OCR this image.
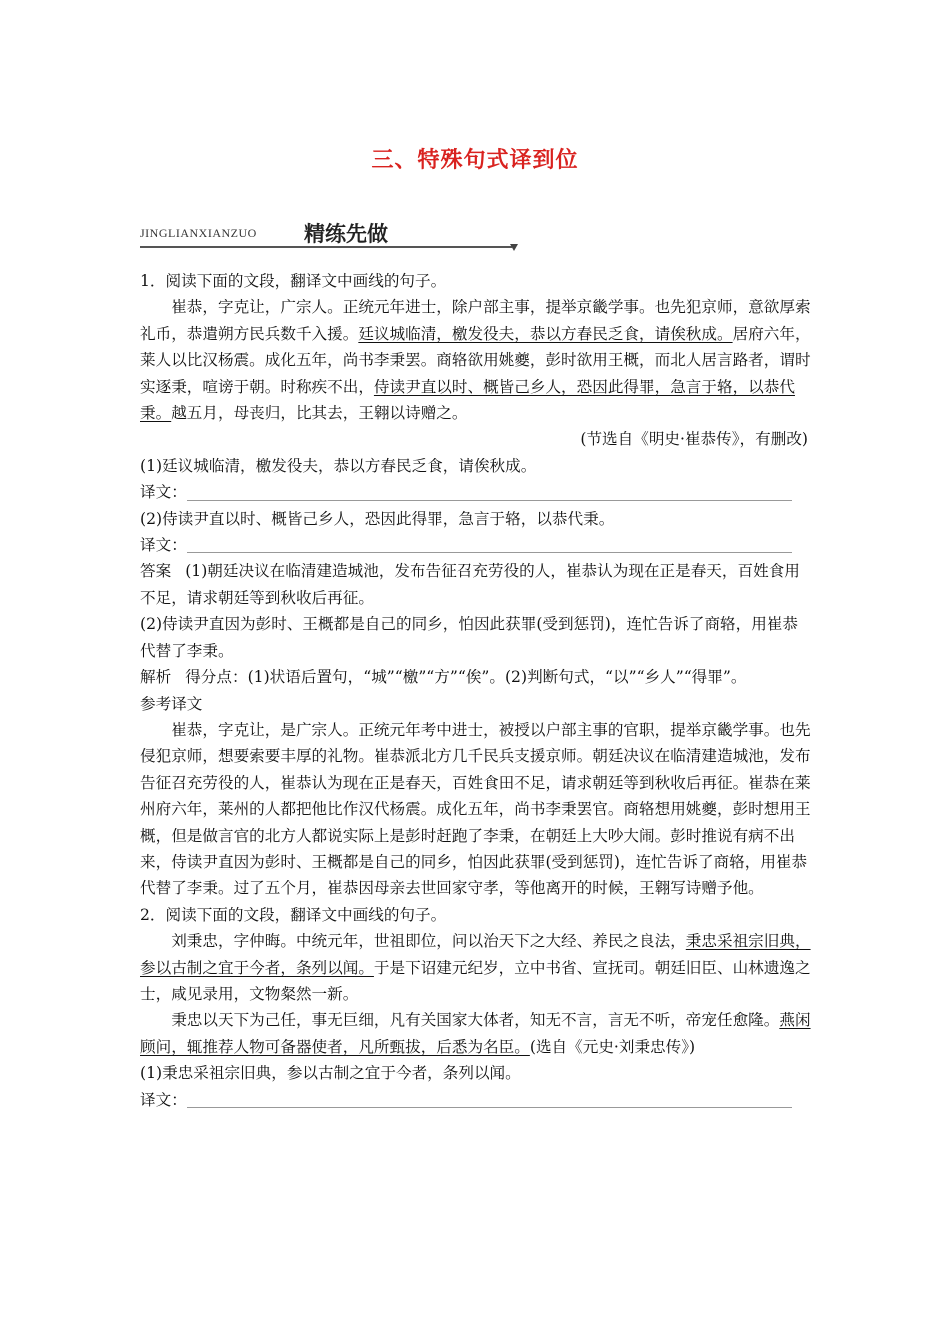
三、特殊句式译到位
JINGLIANXIANZUO 精练先做

1．阅读下面的文段，翻译文中画线的句子。

崔恭，字克让，广宗人。正统元年进士，除户部主事，提举京畿学事。也先犯京师，意欲厚索礼币，恭遣朔方民兵数千入援。廷议城临清，檄发役夫，恭以方春民乏食，请俟秋成。居府六年，莱人以比汉杨震。成化五年，尚书李秉罢。商辂欲用姚夔，彭时欲用王概，而北人居言路者，谓时实逐秉，喧谤于朝。时称疾不出，侍读尹直以时、概皆己乡人，恐因此得罪，急言于辂，以恭代秉。越五月，母丧归，比其去，王翱以诗赠之。

(节选自《明史·崔恭传》，有删改)

(1)廷议城临清，檄发役夫，恭以方春民乏食，请俟秋成。

译文：

(2)侍读尹直以时、概皆己乡人，恐因此得罪，急言于辂，以恭代秉。

译文：

答案 (1)朝廷决议在临清建造城池，发布告征召充劳役的人，崔恭认为现在正是春天，百姓食用不足，请求朝廷等到秋收后再征。

(2)侍读尹直因为彭时、王概都是自己的同乡，怕因此获罪(受到惩罚)，连忙告诉了商辂，用崔恭代替了李秉。

解析 得分点：(1)状语后置句，“城”“檄”“方”“俟”。(2)判断句式，“以”“乡人”“得罪”。

参考译文

崔恭，字克让，是广宗人。正统元年考中进士，被授以户部主事的官职，提举京畿学事。也先侵犯京师，想要索要丰厚的礼物。崔恭派北方几千民兵支援京师。朝廷决议在临清建造城池，发布告征召充劳役的人，崔恭认为现在正是春天，百姓食田不足，请求朝廷等到秋收后再征。崔恭在莱州府六年，莱州的人都把他比作汉代杨震。成化五年，尚书李秉罢官。商辂想用姚夔，彭时想用王概，但是做言官的北方人都说实际上是彭时赶跑了李秉，在朝廷上大吵大闹。彭时推说有病不出来，侍读尹直因为彭时、王概都是自己的同乡，怕因此获罪(受到惩罚)，连忙告诉了商辂，用崔恭代替了李秉。过了五个月，崔恭因母亲去世回家守孝，等他离开的时候，王翱写诗赠予他。

2．阅读下面的文段，翻译文中画线的句子。

刘秉忠，字仲晦。中统元年，世祖即位，问以治天下之大经、养民之良法，秉忠采祖宗旧典，参以古制之宜于今者，条列以闻。于是下诏建元纪岁，立中书省、宣抚司。朝廷旧臣、山林遗逸之士，咸见录用，文物粲然一新。

秉忠以天下为己任，事无巨细，凡有关国家大体者，知无不言，言无不听，帝宠任愈隆。燕闲顾问，辄推荐人物可备器使者，凡所甄拔，后悉为名臣。(选自《元史·刘秉忠传》)

(1)秉忠采祖宗旧典，参以古制之宜于今者，条列以闻。

译文：
